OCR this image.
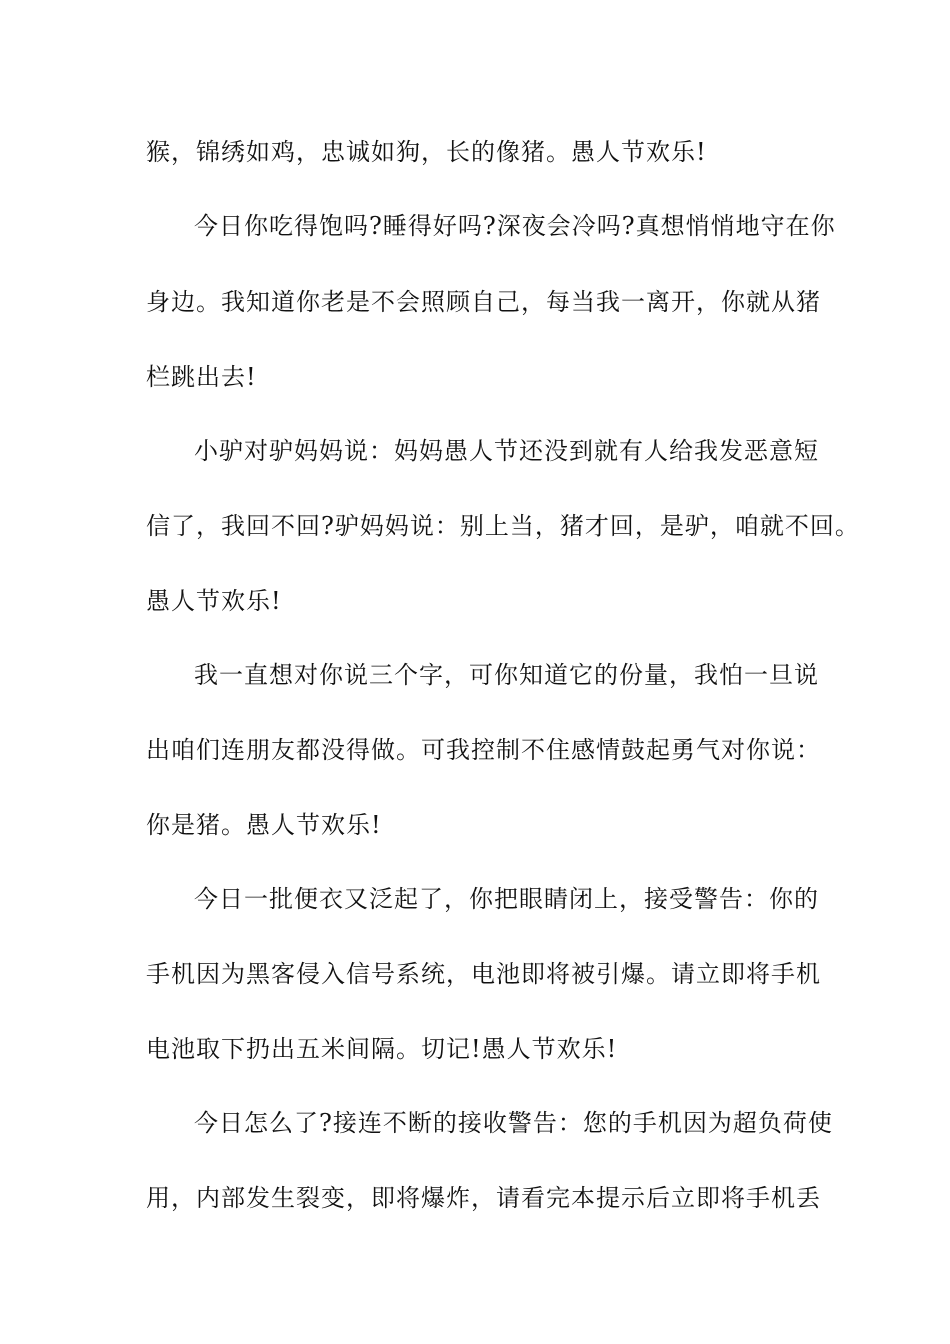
猴，锦绣如鸡，忠诚如狗，长的像猪。愚人节欢乐!
今日你吃得饱吗?睡得好吗?深夜会冷吗?真想悄悄地守在你
身边。我知道你老是不会照顾自己，每当我一离开，你就从猪
栏跳出去!
小驴对驴妈妈说：妈妈愚人节还没到就有人给我发恶意短
信了，我回不回?驴妈妈说：别上当，猪才回，是驴，咱就不回。
愚人节欢乐!
我一直想对你说三个字，可你知道它的份量，我怕一旦说
出咱们连朋友都没得做。可我控制不住感情鼓起勇气对你说：
你是猪。愚人节欢乐!
今日一批便衣又泛起了，你把眼睛闭上，接受警告：你的
手机因为黑客侵入信号系统，电池即将被引爆。请立即将手机
电池取下扔出五米间隔。切记!愚人节欢乐!
今日怎么了?接连不断的接收警告：您的手机因为超负荷使
用，内部发生裂变，即将爆炸，请看完本提示后立即将手机丢
